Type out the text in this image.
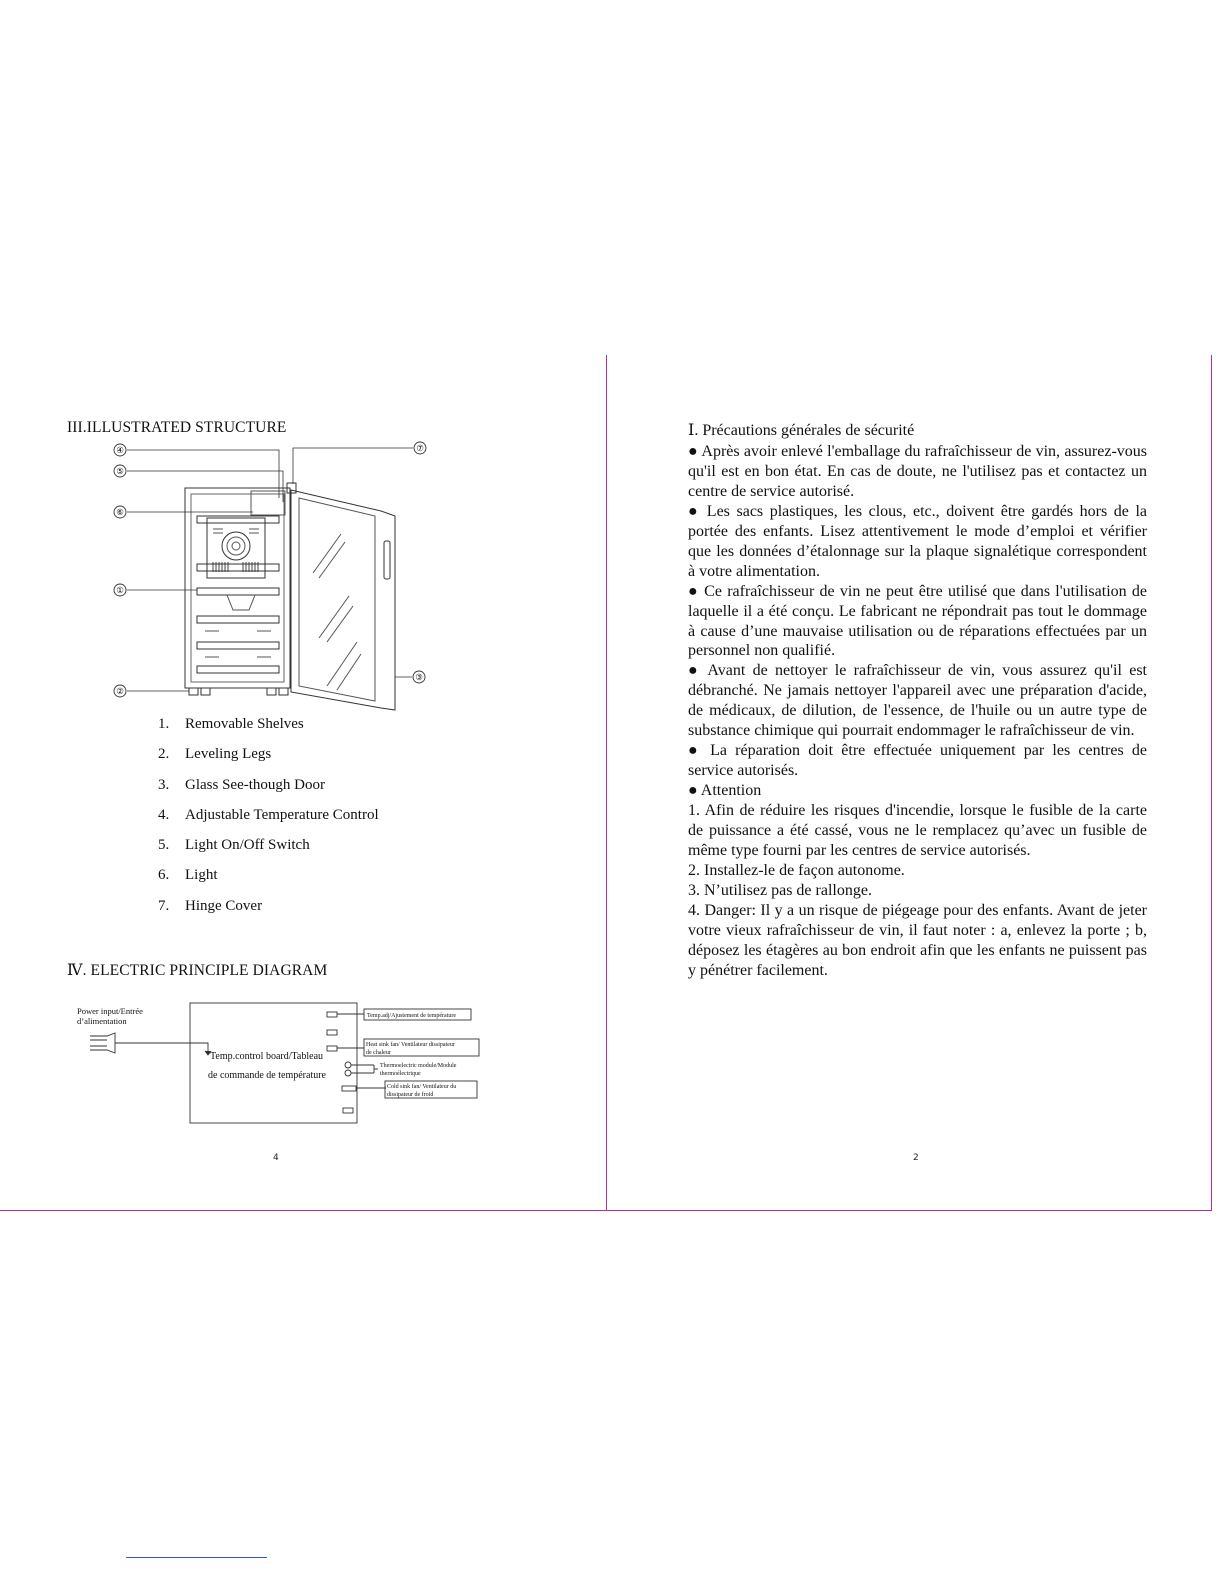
III.ILLUSTRATED STRUCTURE
④
⑤
⑥
①
②
⑦
③
1.	Removable Shelves
2.	Leveling Legs
3.	Glass See-though Door
4.	Adjustable Temperature Control
5.	Light On/Off Switch
6.	Light
7.	Hinge Cover
Ⅳ. ELECTRIC PRINCIPLE DIAGRAM
Power input/Entrée
d’alimentation
Temp.control board/Tableau
de commande de température
Temp.adj/Ajustement de température
Heat sink fan/ Ventilateur dissipateur
de chaleur
Thermoelectric module/Module
thermoélectrique
Cold sink fan/ Ventilateur du
dissipateur de froid
4

Ⅰ. Précautions générales de sécurité

● Après avoir enlevé l'emballage du rafraîchisseur de vin, assurez-vous qu'il est en bon état. En cas de doute, ne l'utilisez pas et contactez un centre de service autorisé.

● Les sacs plastiques, les clous, etc., doivent être gardés hors de la portée des enfants. Lisez attentivement le mode d’emploi et vérifier que les données d’étalonnage sur la plaque signalétique correspondent à votre alimentation.

● Ce rafraîchisseur de vin ne peut être utilisé que dans l'utilisation de laquelle il a été conçu. Le fabricant ne répondrait pas tout le dommage à cause d’une mauvaise utilisation ou de réparations effectuées par un personnel non qualifié.

● Avant de nettoyer le rafraîchisseur de vin, vous assurez qu'il est débranché. Ne jamais nettoyer l'appareil avec une préparation d'acide, de médicaux, de dilution, de l'essence, de l'huile ou un autre type de substance chimique qui pourrait endommager le rafraîchisseur de vin.

● La réparation doit être effectuée uniquement par les centres de service autorisés.

● Attention

1. Afin de réduire les risques d'incendie, lorsque le fusible de la carte de puissance a été cassé, vous ne le remplacez qu’avec un fusible de même type fourni par les centres de service autorisés.

2. Installez-le de façon autonome.

3. N’utilisez pas de rallonge.

4. Danger: Il y a un risque de piégeage pour des enfants. Avant de jeter votre vieux rafraîchisseur de vin, il faut noter : a, enlevez la porte ; b, déposez les étagères au bon endroit afin que les enfants ne puissent pas y pénétrer facilement.

2
